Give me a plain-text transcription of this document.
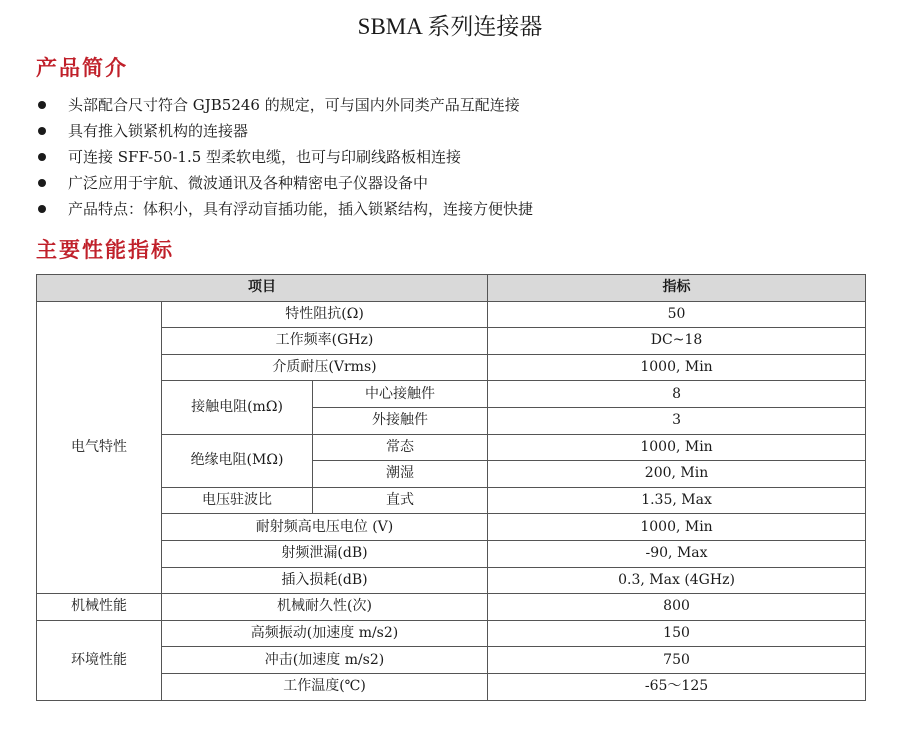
SBMA 系列连接器
产品简介
头部配合尺寸符合 GJB5246 的规定，可与国内外同类产品互配连接
具有推入锁紧机构的连接器
可连接 SFF-50-1.5 型柔软电缆，也可与印刷线路板相连接
广泛应用于宇航、微波通讯及各种精密电子仪器设备中
产品特点：体积小，具有浮动盲插功能，插入锁紧结构，连接方便快捷
主要性能指标
项目			指标
电气特性	特性阻抗(Ω)		50
	工作频率(GHz)		DC~18
	介质耐压(Vrms)		1000, Min
	接触电阻(mΩ)	中心接触件	8
		外接触件	3
	绝缘电阻(MΩ)	常态	1000, Min
		潮湿	200, Min
	电压驻波比	直式	1.35, Max
	耐射频高电压电位 (V)		1000, Min
	射频泄漏(dB)		-90, Max
	插入损耗(dB)		0.3, Max (4GHz)
机械性能	机械耐久性(次)		800
环境性能	高频振动(加速度 m/s2)		150
	冲击(加速度 m/s2)		750
	工作温度(℃)		-65～125
